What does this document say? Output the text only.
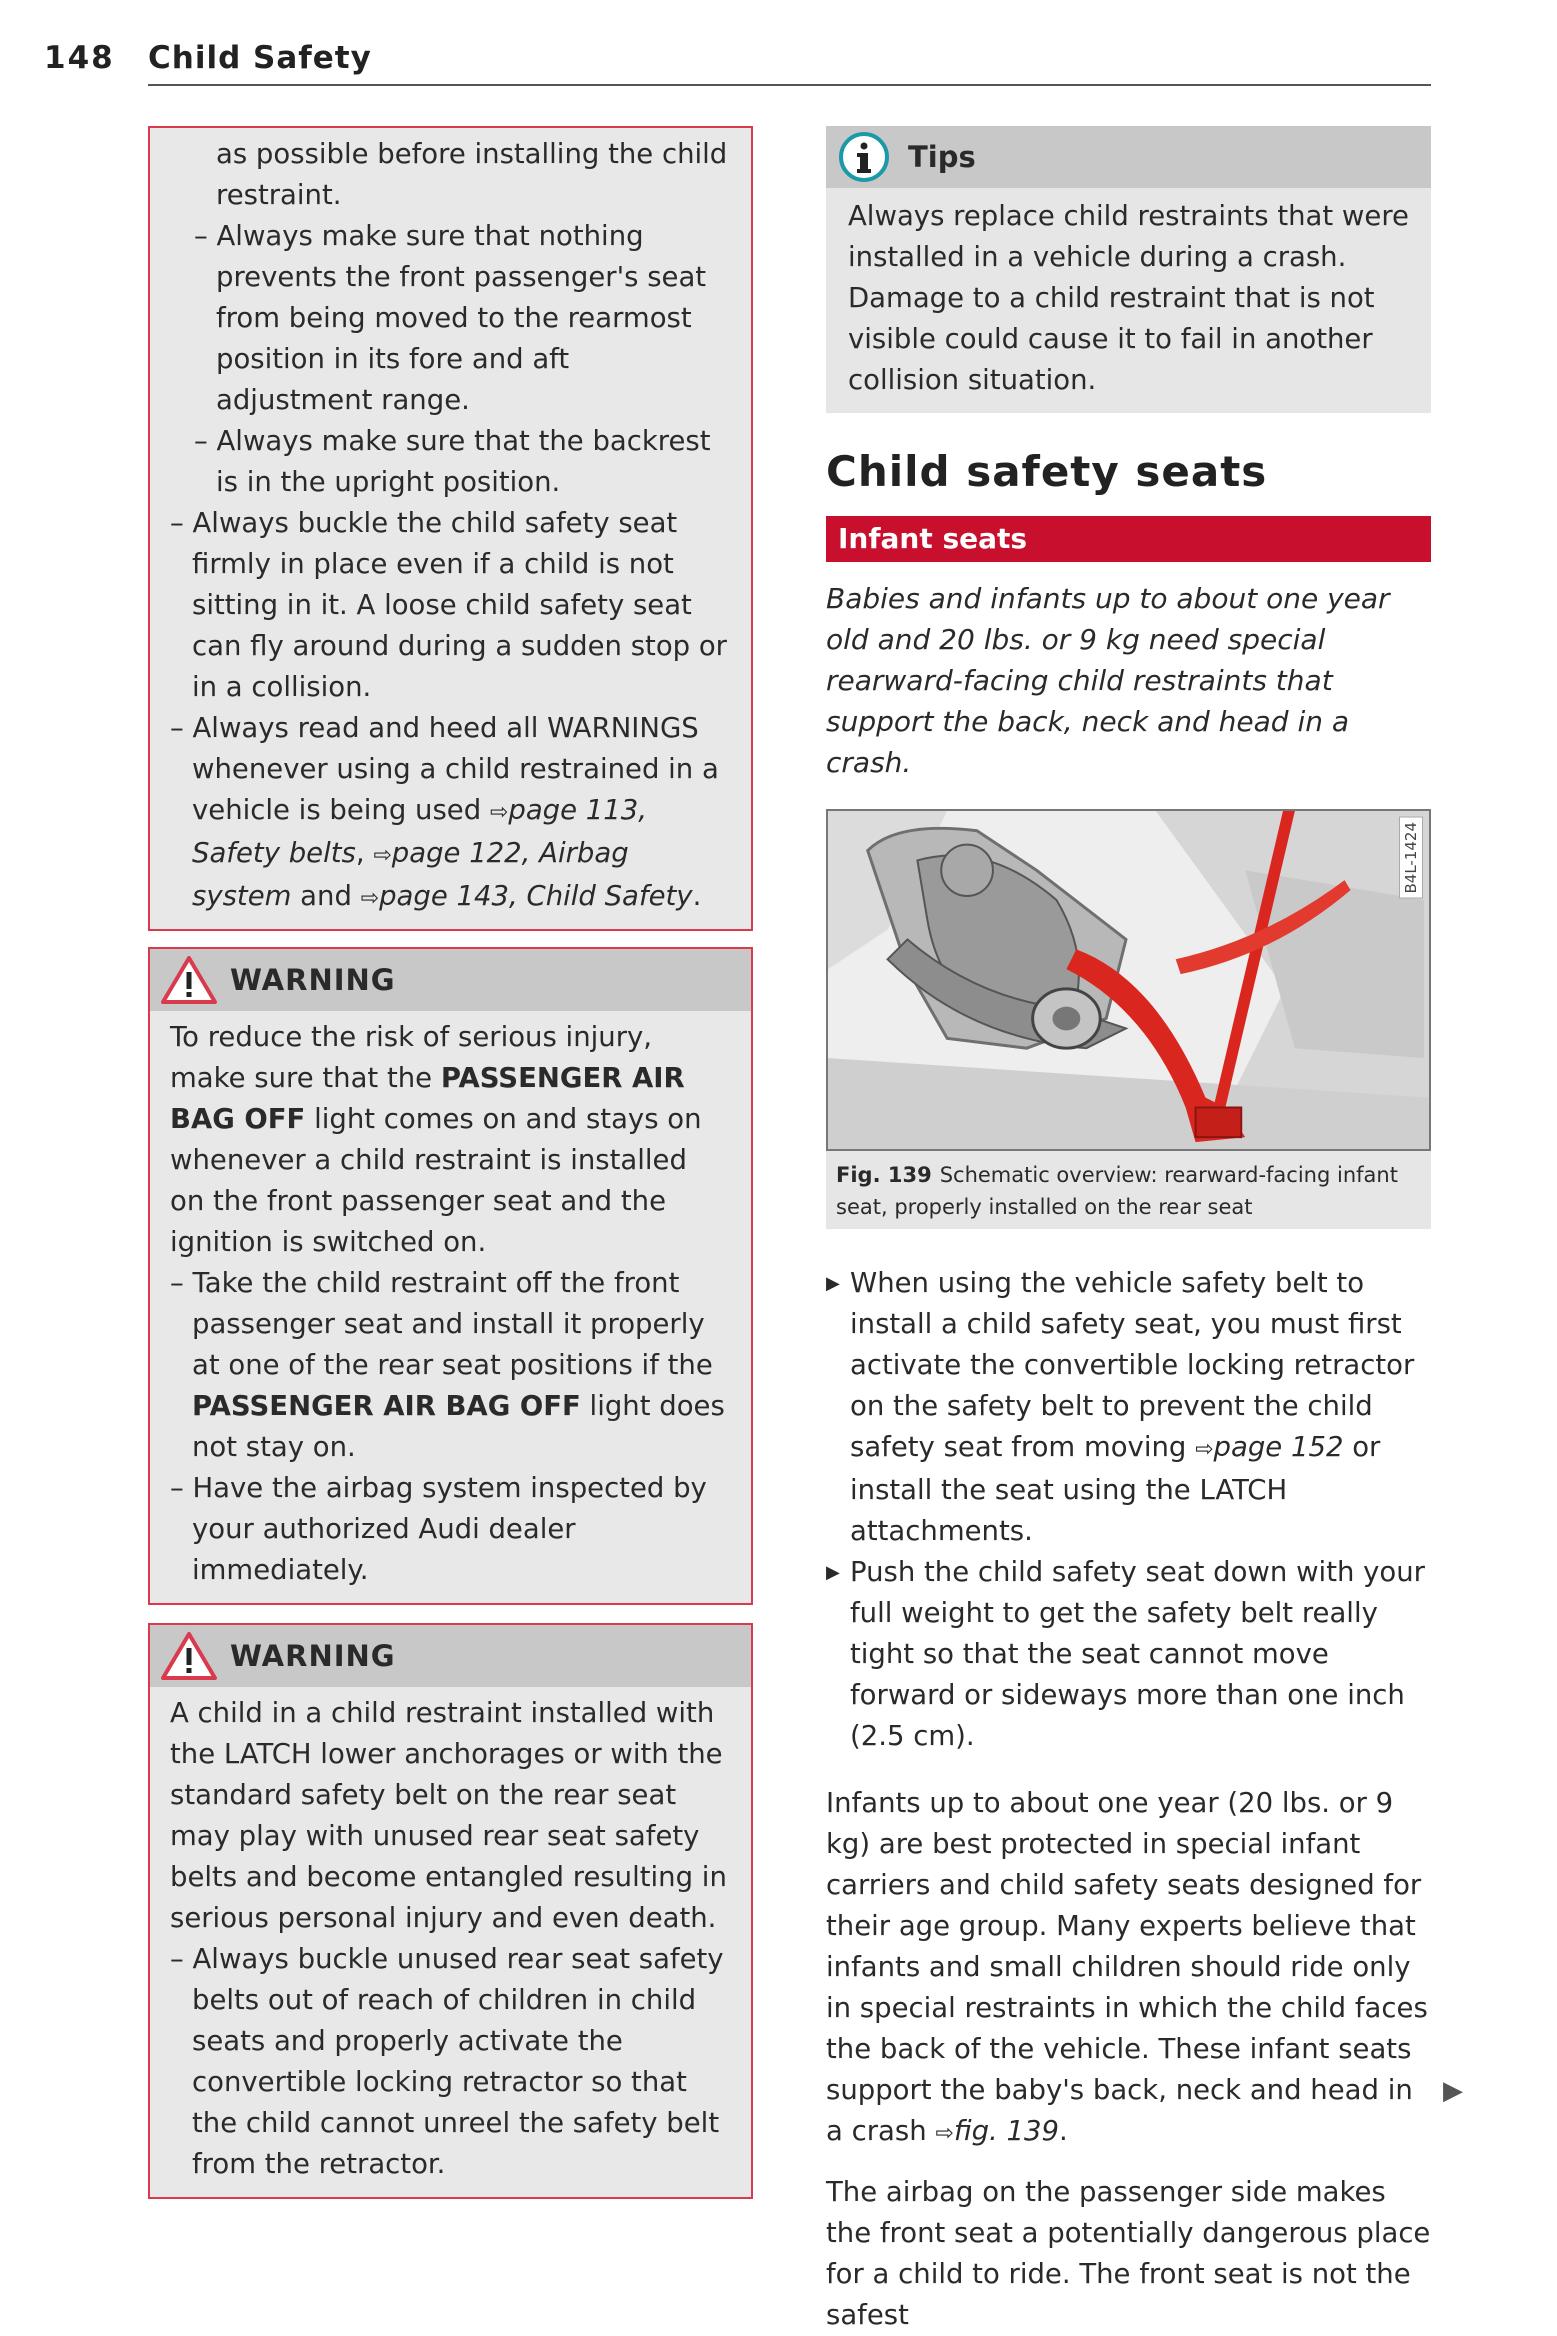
148 Child Safety

as possible before installing the child restraint.

– Always make sure that nothing prevents the front passenger's seat from being moved to the rearmost position in its fore and aft adjustment range.

– Always make sure that the backrest is in the upright position.

– Always buckle the child safety seat firmly in place even if a child is not sitting in it. A loose child safety seat can fly around during a sudden stop or in a collision.

– Always read and heed all WARNINGS whenever using a child restrained in a vehicle is being used ⇨page 113, Safety belts, ⇨page 122, Airbag system and ⇨page 143, Child Safety.

WARNING

To reduce the risk of serious injury, make sure that the PASSENGER AIR BAG OFF light comes on and stays on whenever a child restraint is installed on the front passenger seat and the ignition is switched on.

– Take the child restraint off the front passenger seat and install it properly at one of the rear seat positions if the PASSENGER AIR BAG OFF light does not stay on.

– Have the airbag system inspected by your authorized Audi dealer immediately.

WARNING

A child in a child restraint installed with the LATCH lower anchorages or with the standard safety belt on the rear seat may play with unused rear seat safety belts and become entangled resulting in serious personal injury and even death.

– Always buckle unused rear seat safety belts out of reach of children in child seats and properly activate the convertible locking retractor so that the child cannot unreel the safety belt from the retractor.

Tips

Always replace child restraints that were installed in a vehicle during a crash. Damage to a child restraint that is not visible could cause it to fail in another collision situation.

Child safety seats
Infant seats

Babies and infants up to about one year old and 20 lbs. or 9 kg need special rearward-facing child restraints that support the back, neck and head in a crash.

B4L-1424
Fig. 139 Schematic overview: rearward-facing infant seat, properly installed on the rear seat

▶ When using the vehicle safety belt to install a child safety seat, you must first activate the convertible locking retractor on the safety belt to prevent the child safety seat from moving ⇨page 152 or install the seat using the LATCH attachments.

▶ Push the child safety seat down with your full weight to get the safety belt really tight so that the seat cannot move forward or sideways more than one inch (2.5 cm).

Infants up to about one year (20 lbs. or 9 kg) are best protected in special infant carriers and child safety seats designed for their age group. Many experts believe that infants and small children should ride only in special restraints in which the child faces the back of the vehicle. These infant seats support the baby's back, neck and head in a crash ⇨fig. 139.

The airbag on the passenger side makes the front seat a potentially dangerous place for a child to ride. The front seat is not the safest

▶
